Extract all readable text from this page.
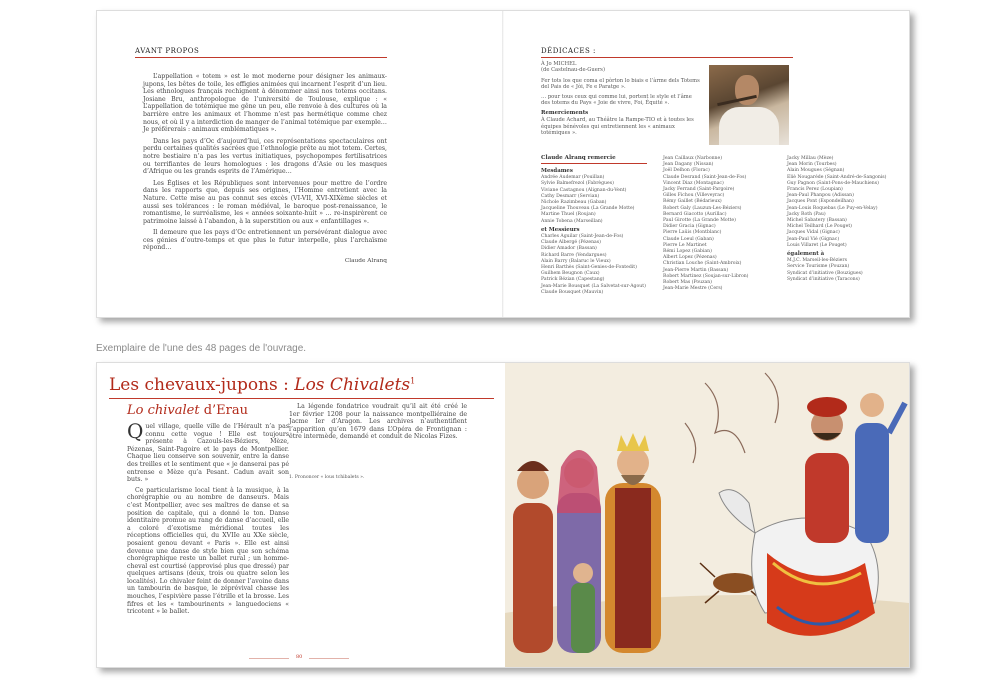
AVANT PROPOS

L’appellation « totem » est le mot moderne pour désigner les animaux-jupons, les bêtes de toile, les effigies animées qui incarnent l’esprit d’un lieu. Les ethnologues français rechignent à dénommer ainsi nos totems occitans. Josiane Bru, anthropologue de l’université de Toulouse, explique : « L’appellation de totémique me gêne un peu, elle renvoie à des cultures où la barrière entre les animaux et l’homme n’est pas hermétique comme chez nous, et où il y a interdiction de manger de l’animal totémique par exemple… Je préférerais : animaux emblématiques ».

Dans les pays d’Oc d’aujourd’hui, ces représentations spectaculaires ont perdu certaines qualités sacrées que l’ethnologie prête au mot totem. Certes, notre bestiaire n’a pas les vertus initiatiques, psychopompes fertilisatrices ou terrifiantes de leurs homologues : les dragons d’Asie ou les masques d’Afrique ou les grands esprits de l’Amérique…

Les Églises et les Républiques sont intervenues pour mettre de l’ordre dans les rapports que, depuis ses origines, l’Homme entretient avec la Nature. Cette mise au pas connut ses excès (VI-VII, XVI-XIXème siècles et aussi ses tolérances : le roman médiéval, le baroque post-renaissance, le romantisme, le surréalisme, les « années soixante-huit » … re-inspirèrent ce patrimoine laissé à l’abandon, à la superstition ou aux « enfantillages ».

Il demeure que les pays d’Oc entretiennent un persévérant dialogue avec ces génies d’outre-temps et que plus le futur interpelle, plus l’archaïsme répond…

Claude Alranq
DÉDICACES :
À Jo MICHEL
(de Castelnau-de-Guers)
Fer tots los que coma el pòrton lo biais e l’àrme dels Totems del Pais de « Jòi, Fe e Paratge ».
… pour tous ceux qui comme lui, portent le style et l’âme des totems du Pays « Joie de vivre, Foi, Équité ».
Remerciements
À Claude Achard, au Théâtre la Rampe-TIO et à toutes les équipes bénévoles qui entretiennent les « animaux totémiques ».
Claude Alranq remercie
Mesdames
Andrée Audemar (Pouillan)
Sylvie Balmefrezol (Fabrègues)
Viviane Castagnou (Alignan-du-Vent)
Cathy Desmarr (Servian)
Nichole Razimbeau (Gaban)
Jacqueline Thouveau (La Grande Motte)
Martine Thuel (Roujan)
Annie Tobena (Marseillan)
et Messieurs
Charles Aguilar (Saint-Jean-de-Fos)
Claude Albergé (Pézenas)
Didier Amador (Bassan)
Richard Barre (Vendargues)
Alain Barry (Balaruc le Vieux)
Henri Barthès (Saint-Genies-de-Fontedit)
Guilhem Beugnon (Caux)
Patrick Bézian (Capestang)
Jean-Marie Bousquet (La Salvetat-sur-Agout)
Claude Bousquet (Mauvin)
Jean Caillaux (Narbonne)
Jean Dagany (Nissan)
Joël Delhon (Florac)
Claude Desrand (Saint-Jean-de-Fos)
Vincent Diaz (Montagnac)
Jacky Ferrand (Saint-Pargoire)
Gilles Fichou (Villeveyrac)
Rémy Gaillet (Bédarieux)
Robert Galy (Lauzun-Les-Béziers)
Bernard Giacotto (Aurillac)
Paul Girotte (La Grande Motte)
Didier Gracia (Gignac)
Pierre Laüis (Montblanc)
Claude Loeul (Gaban)
Pierre Le Martinet
Rémi Lopez (Gabian)
Albert Lopez (Pézenas)
Christian Louche (Saint-Ambroix)
Jean-Pierre Martin (Bassan)
Robert Martinez (Soujan-sur-Libron)
Robert Mas (Pouzan)
Jean-Marie Mestre (Cers)
Jacky Millau (Mèze)
Jean Morin (Tourbes)
Alain Mougues (Ségnan)
Eliè Nougaréde (Saint-André-de-Sangonis)
Guy Pagnon (Saint-Pons-de-Mauchiens)
Francis Perez (Loupian)
Jean-Paul Phanpou (Adissan)
Jacques Pont (Espondeilhan)
Jean-Louis Roquebas (Le Puy-en-Velay)
Jacky Roth (Pau)
Michel Sabatery (Bassan)
Michel Teilhard (Le Pouget)
Jacques Vidal (Gignac)
Jean-Paul Vié (Gignac)
Louis Villaret (Le Pouget)
également à
M.J.C. Marseil-les-Béziers
Service Tourisme (Pouzan)
Syndicat d’initiative (Bouzigues)
Syndicat d’initiative (Taracons)
Exemplaire de l'une des 48 pages de l'ouvrage.
Les chevaux-jupons : Los Chivalets$^1$
Lo chivalet d’Erau

Quel village, quelle ville de l’Hérault n’a pas connu cette vogue ! Elle est toujours présente à Cazouls-les-Béziers, Mèze, Pézenas, Saint-Pagoire et le pays de Montpellier. Chaque lieu conserve son souvenir, entre la danse des treilles et le sentiment que « je danserai pas pé entrense e Mèze qu’a Pesant. Cadun avait son buts. »

Ce particularisme local tient à la musique, à la chorégraphie ou au nombre de danseurs. Mais c’est Montpellier, avec ses maîtres de danse et sa position de capitale, qui a donné le ton. Danse identitaire promue au rang de danse d’accueil, elle a coloré d’exotisme méridional toutes les réceptions officielles qui, du XVIIe au XXe siècle, posaient genou devant « Paris ». Elle est ainsi devenue une danse de style bien que son schéma chorégraphique reste un ballet rural ; un homme-cheval est courtisé (approvisé plus que dressé) par quelques artisans (deux, trois ou quatre selon les localités). Lo chivaler feint de donner l’avoine dans un tambourin de basque, le zéprévival chasse les mouches, l’espivière passe l’étrille et la brosse. Les fifres et les « tambourinents » languedociens « tricotent » le ballet.

La légende fondatrice voudrait qu’il ait été créé le 1er février 1208 pour la naissance montpelliéraine de Jacme Ier d’Aragon. Les archives n’authentifient l’apparition qu’en 1679 dans L’Opéra de Frontignan : être intermède, demandé et conduit de Nicolas Fizes.

1. Prononcer « lous tchibalets ».
80
